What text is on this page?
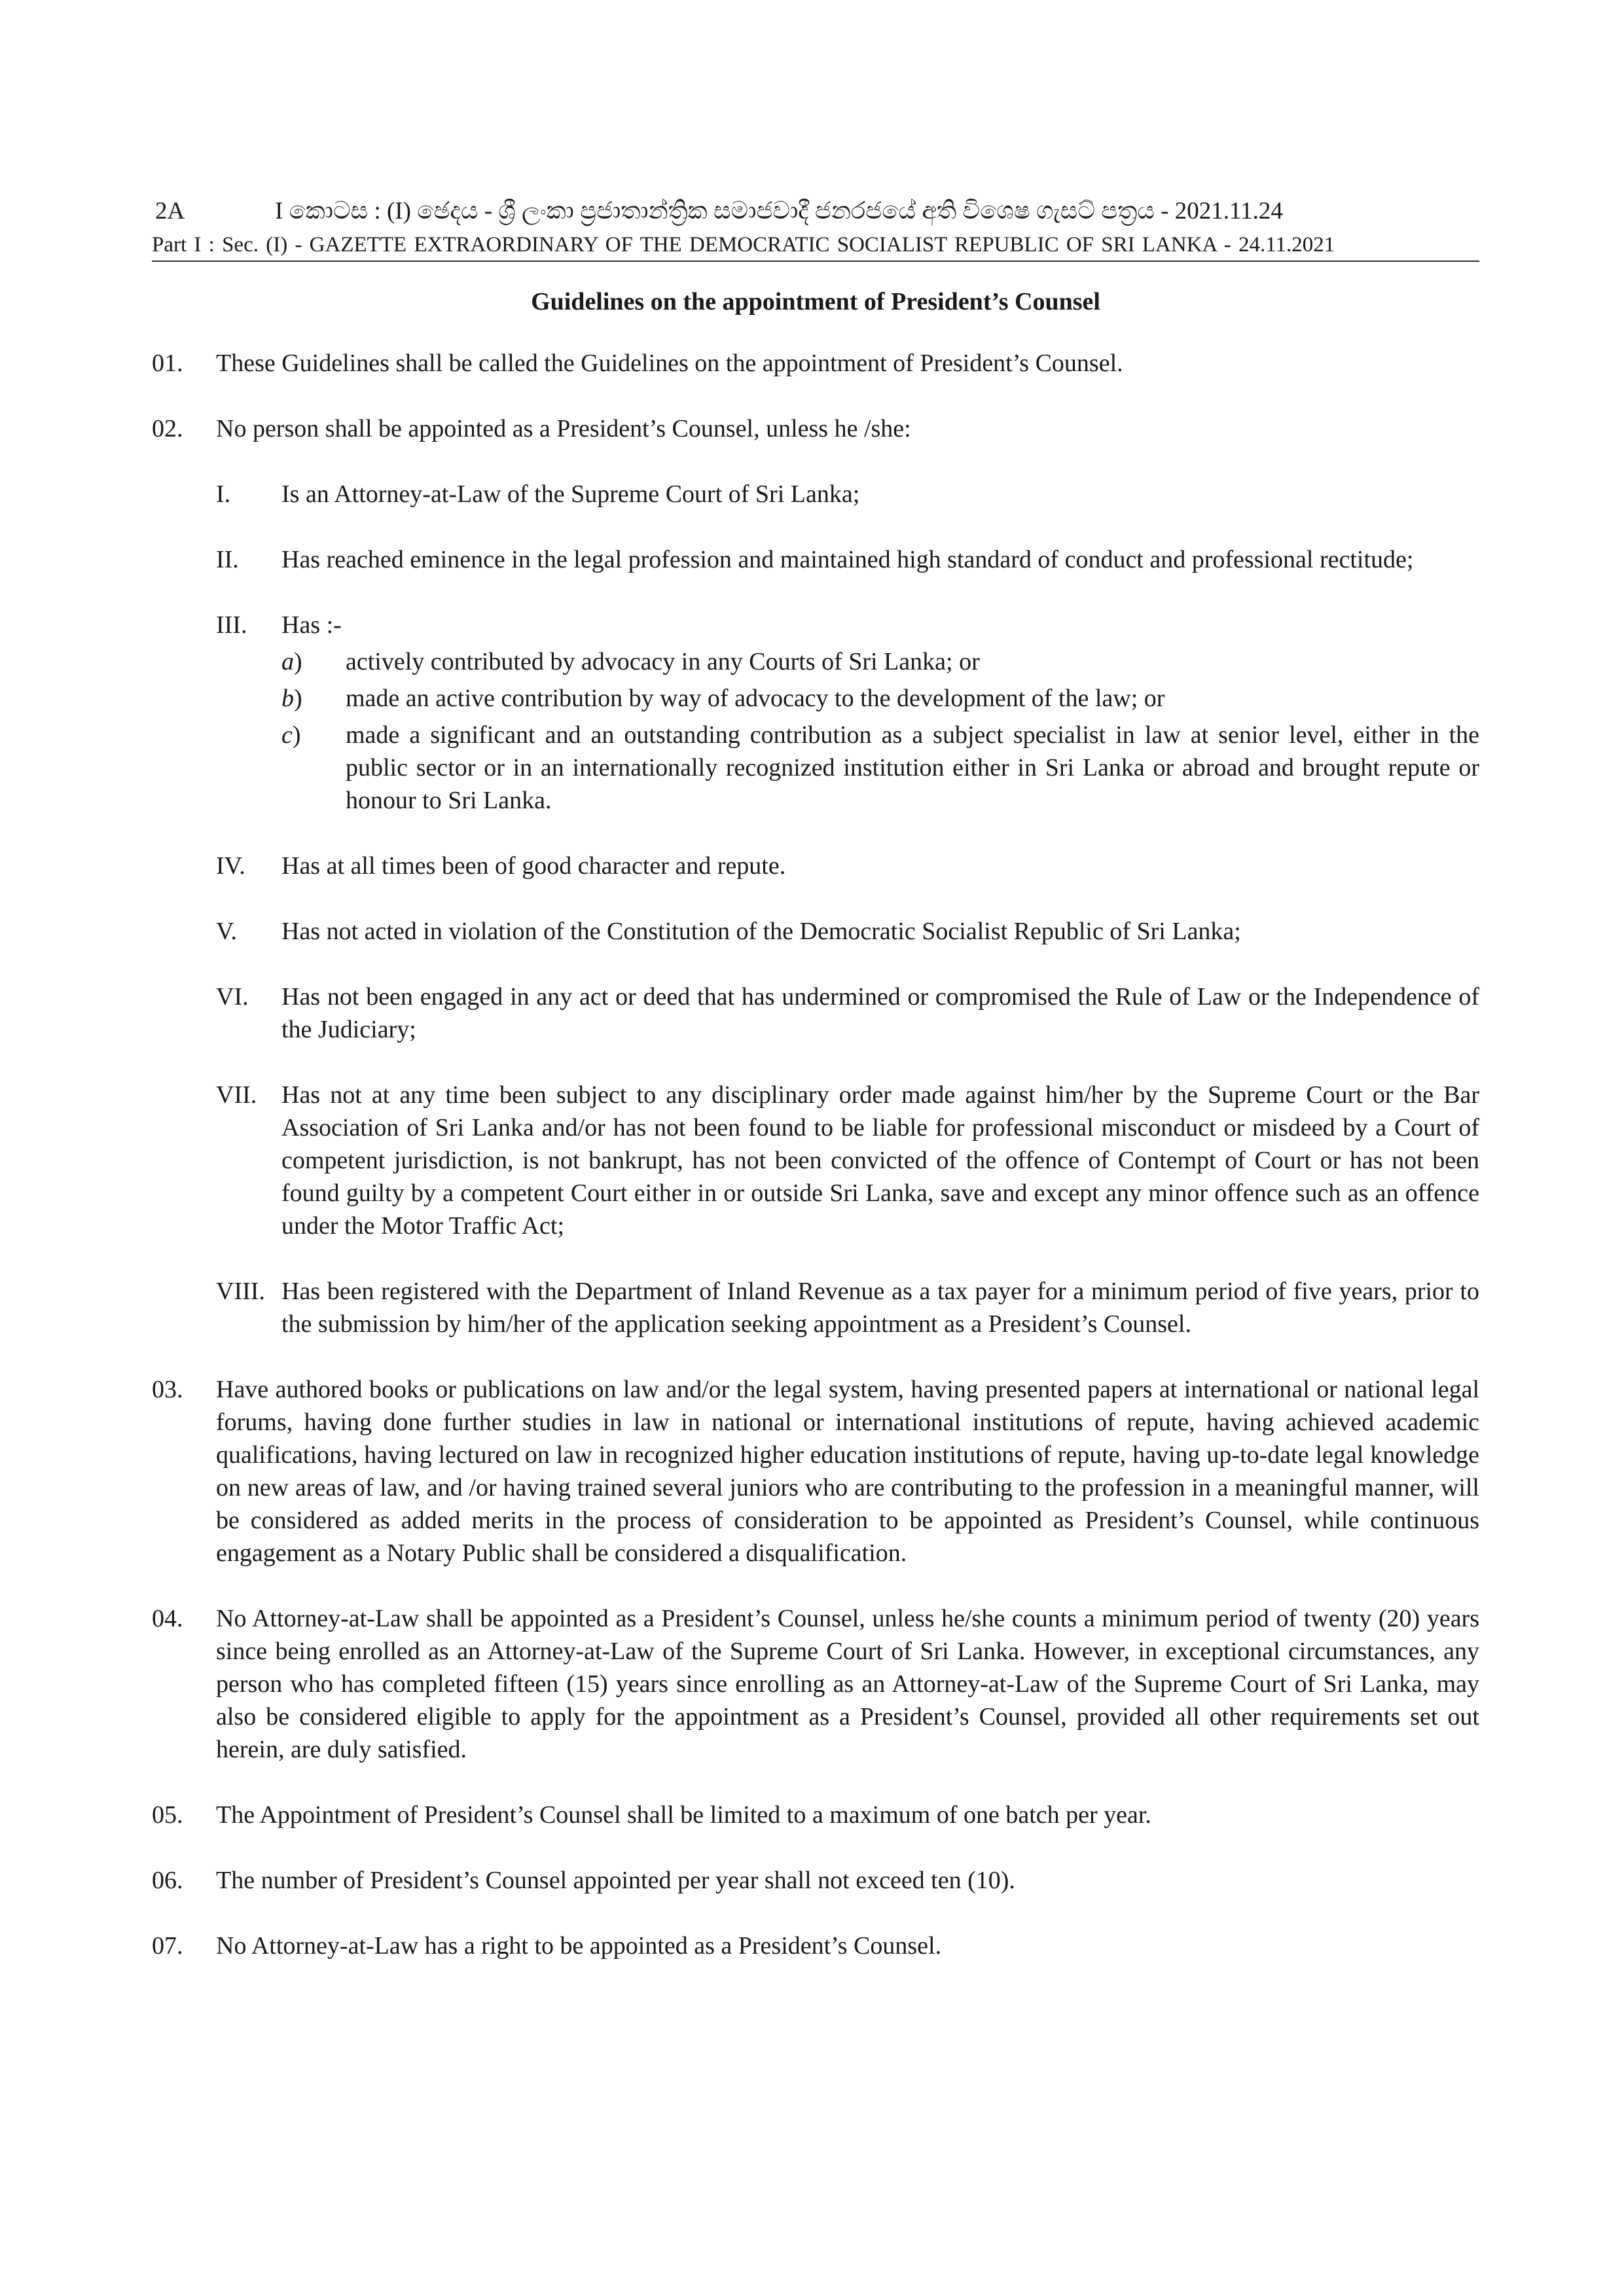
2A	I කොටස : (I) ඡෙදය - ශ්‍රී ලංකා ප්‍රජාතාන්ත්‍රික සමාජවාදී ජනරජයේ අති විශෙෂ ගැසට් පත්‍රය - 2021.11.24
Part I : Sec. (I) - GAZETTE EXTRAORDINARY OF THE DEMOCRATIC SOCIALIST REPUBLIC OF SRI LANKA - 24.11.2021
Guidelines on the appointment of President’s Counsel
01.	These Guidelines shall be called the Guidelines on the appointment of President’s Counsel.
02.	No person shall be appointed as a President’s Counsel, unless he /she:
I.	Is an Attorney-at-Law of the Supreme Court of Sri Lanka;
II.	Has reached eminence in the legal profession and maintained high standard of conduct and professional rectitude;
III.	Has :-
a)	actively contributed by advocacy in any Courts of Sri Lanka; or
b)	made an active contribution by way of advocacy to the development of the law; or
c)	made a significant and an outstanding contribution as a subject specialist in law at senior level, either in the public sector or in an internationally recognized institution either in Sri Lanka or abroad and brought repute or honour to Sri Lanka.
IV.	Has at all times been of good character and repute.
V.	Has not acted in violation of the Constitution of the Democratic Socialist Republic of Sri Lanka;
VI.	Has not been engaged in any act or deed that has undermined or compromised the Rule of Law or the Independence of the Judiciary;
VII. Has not at any time been subject to any disciplinary order made against him/her by the Supreme Court or the Bar Association of Sri Lanka and/or has not been found to be liable for professional misconduct or misdeed by a Court of competent jurisdiction, is not bankrupt, has not been convicted of the offence of Contempt of Court or has not been found guilty by a competent Court either in or outside Sri Lanka, save and except any minor offence such as an offence under the Motor Traffic Act;
VIII. Has been registered with the Department of Inland Revenue as a tax payer for a minimum period of five years, prior to the submission by him/her of the application seeking appointment as a President’s Counsel.
03.	Have authored books or publications on law and/or the legal system, having presented papers at international or national legal forums, having done further studies in law in national or international institutions of repute, having achieved academic qualifications, having lectured on law in recognized higher education institutions of repute, having up-to-date legal knowledge on new areas of law, and /or having trained several juniors who are contributing to the profession in a meaningful manner, will be considered as added merits in the process of consideration to be appointed as President’s Counsel, while continuous engagement as a Notary Public shall be considered a disqualification.
04.	No Attorney-at-Law shall be appointed as a President’s Counsel, unless he/she counts a minimum period of twenty (20) years since being enrolled as an Attorney-at-Law of the Supreme Court of Sri Lanka. However, in exceptional circumstances, any person who has completed fifteen (15) years since enrolling as an Attorney-at-Law of the Supreme Court of Sri Lanka, may also be considered eligible to apply for the appointment as a President’s Counsel, provided all other requirements set out herein, are duly satisfied.
05.	The Appointment of President’s Counsel shall be limited to a maximum of one batch per year.
06.	The number of President’s Counsel appointed per year shall not exceed ten (10).
07.	No Attorney-at-Law has a right to be appointed as a President’s Counsel.
